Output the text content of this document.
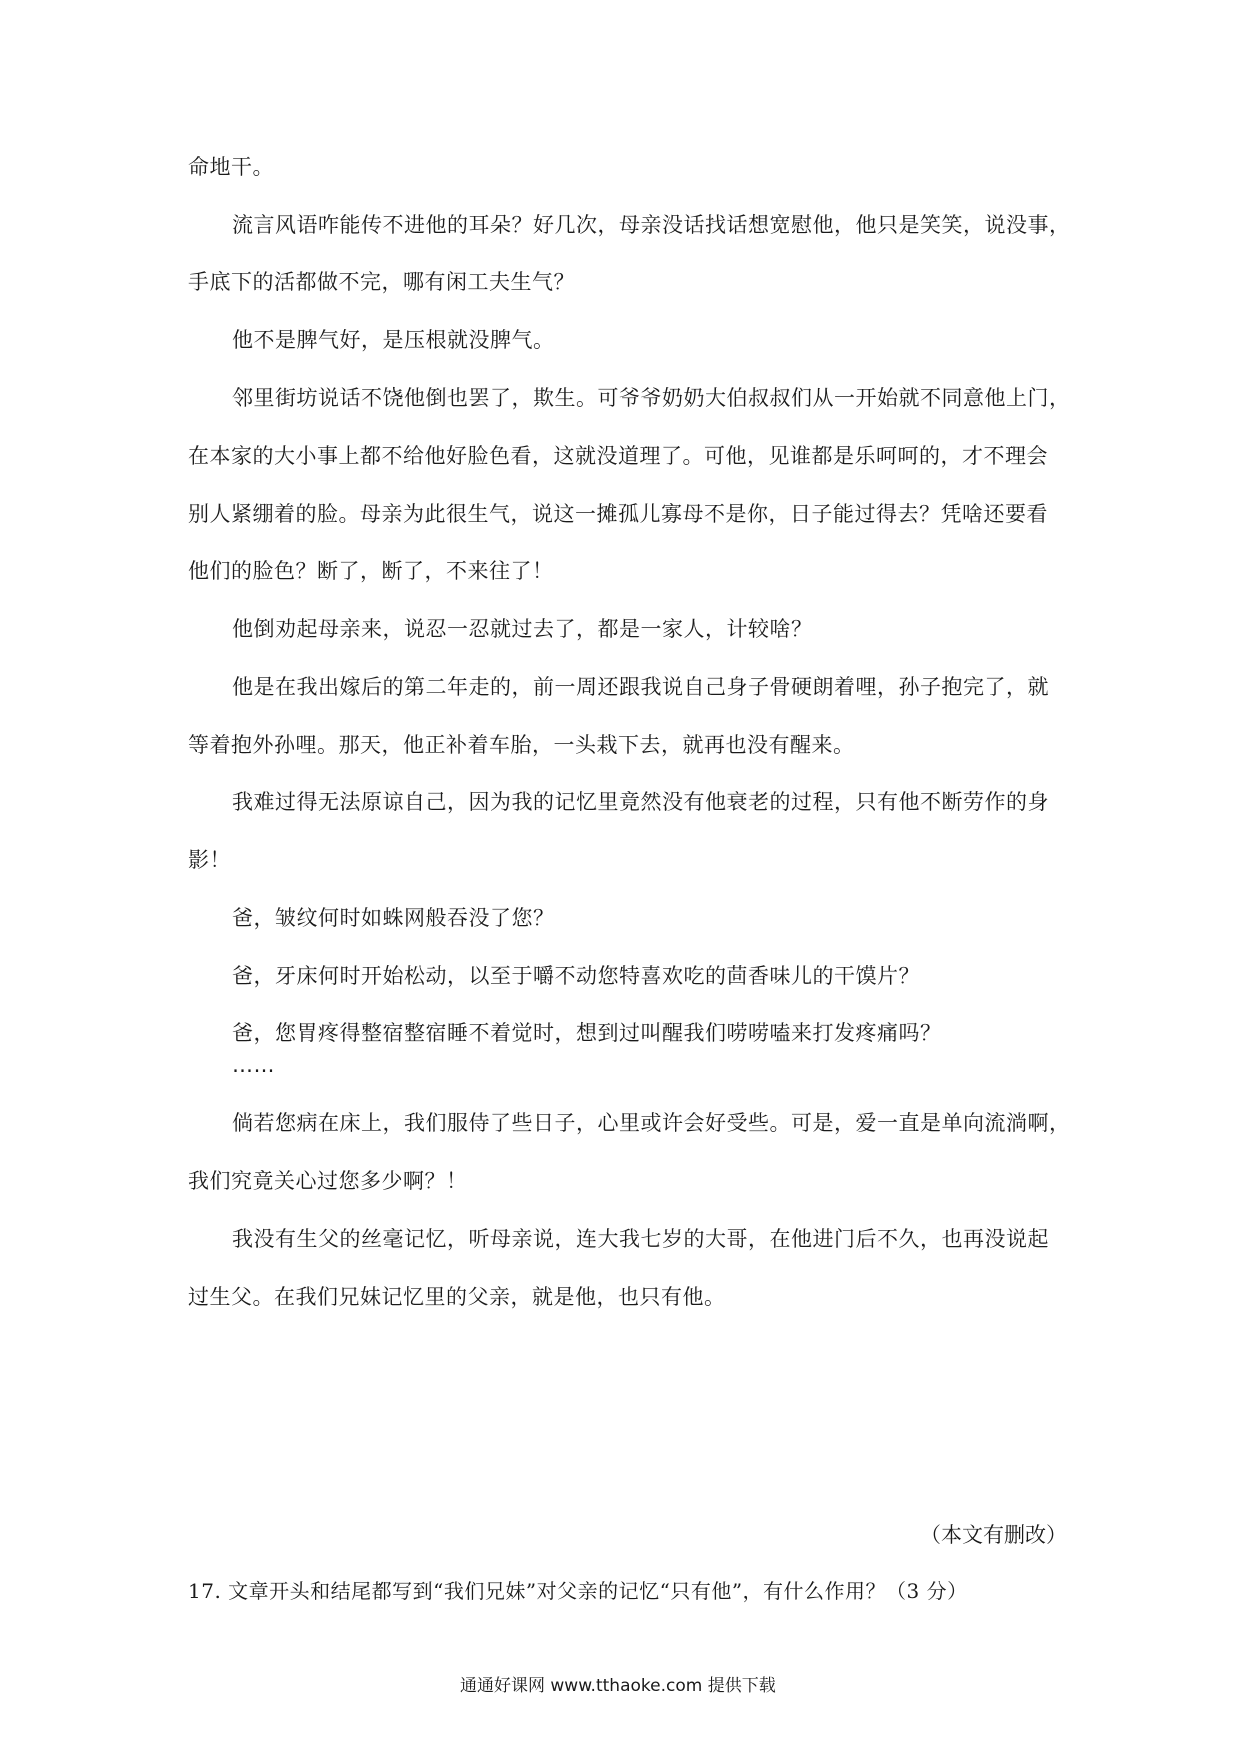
命地干。
流言风语咋能传不进他的耳朵？好几次，母亲没话找话想宽慰他，他只是笑笑，说没事，
手底下的活都做不完，哪有闲工夫生气？
他不是脾气好，是压根就没脾气。
邻里街坊说话不饶他倒也罢了，欺生。可爷爷奶奶大伯叔叔们从一开始就不同意他上门，
在本家的大小事上都不给他好脸色看，这就没道理了。可他，见谁都是乐呵呵的，才不理会
别人紧绷着的脸。母亲为此很生气，说这一摊孤儿寡母不是你，日子能过得去？凭啥还要看
他们的脸色？断了，断了，不来往了！
他倒劝起母亲来，说忍一忍就过去了，都是一家人，计较啥？
他是在我出嫁后的第二年走的，前一周还跟我说自己身子骨硬朗着哩，孙子抱完了，就
等着抱外孙哩。那天，他正补着车胎，一头栽下去，就再也没有醒来。
我难过得无法原谅自己，因为我的记忆里竟然没有他衰老的过程，只有他不断劳作的身
影！
爸，皱纹何时如蛛网般吞没了您？
爸，牙床何时开始松动，以至于嚼不动您特喜欢吃的茴香味儿的干馍片？
爸，您胃疼得整宿整宿睡不着觉时，想到过叫醒我们唠唠嗑来打发疼痛吗？
……
倘若您病在床上，我们服侍了些日子，心里或许会好受些。可是，爱一直是单向流淌啊，
我们究竟关心过您多少啊？！
我没有生父的丝毫记忆，听母亲说，连大我七岁的大哥，在他进门后不久，也再没说起
过生父。在我们兄妹记忆里的父亲，就是他，也只有他。
（本文有删改）
17. 文章开头和结尾都写到“我们兄妹”对父亲的记忆“只有他”，有什么作用？（3 分）
通通好课网 www.tthaoke.com 提供下载
